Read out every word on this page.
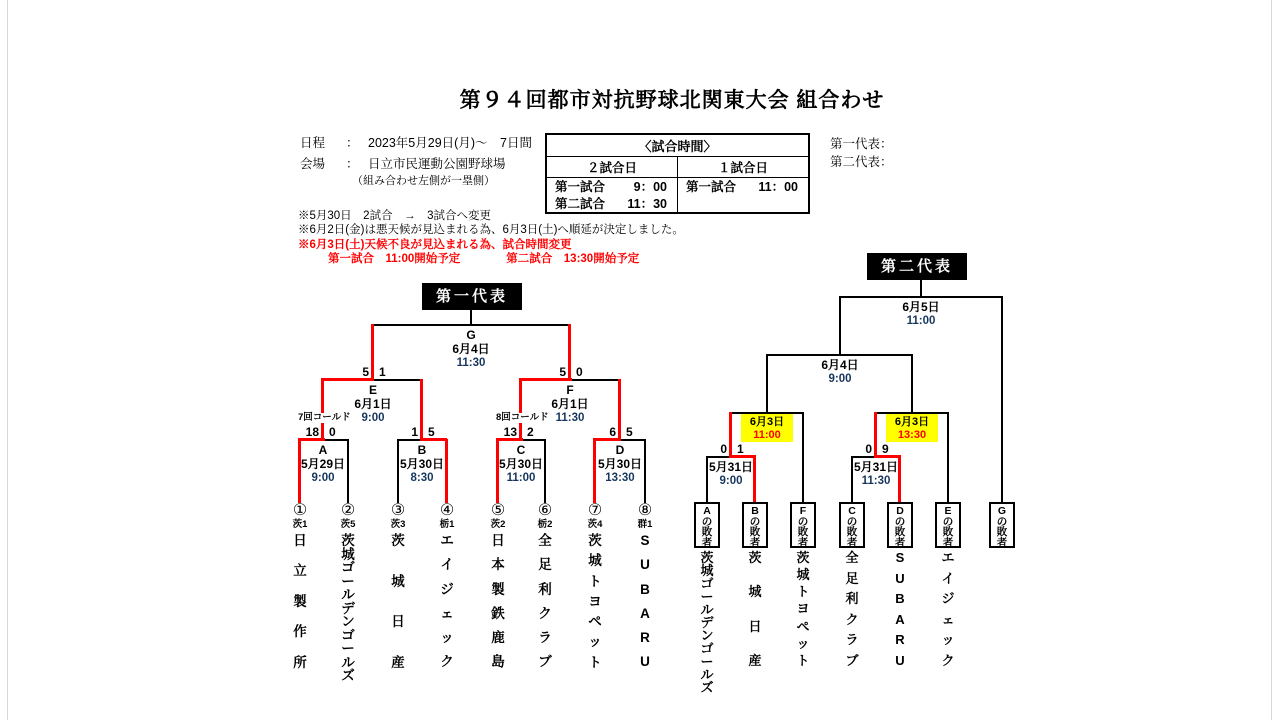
第９４回都市対抗野球北関東大会 組合わせ
日程 ： 2023年5月29日(月)～　7日間
会場 ： 日立市民運動公園野球場
（組み合わせ左側が一塁側）
〈試合時間〉	
２試合日	１試合日

第一試合 9：00
第二試合 11：30

第一試合 11：00
第一代表：
第二代表：
※5月30日　2試合　→　3試合へ変更
※6月2日(金)は悪天候が見込まれる為、6月3日(土)へ順延が決定しました。
※6月3日(土)天候不良が見込まれる為、試合時間変更
第一試合　11:00開始予定　　　　第二試合　13:30開始予定
第一代表
第二代表
G
6月4日
11:30
E
6月1日
9:00
F
6月1日
11:30
A
5月29日
9:00
B
5月30日
8:30
C
5月30日
11:00
D
5月30日
13:30
7回コールド	8回コールド
18 0	1 5	13 2	6 5
5 1	5 0
①
茨1
日
立
製
作
所
②
茨5
茨
城
ゴ
ー
ル
デ
ン
ゴ
ー
ル
ズ
③
茨3
茨
城
日
産
④
栃1
エ
イ
ジ
ェ
ッ
ク
⑤
茨2
日
本
製
鉄
鹿
島
⑥
栃2
全
足
利
ク
ラ
ブ
⑦
茨4
茨
城
ト
ヨ
ペ
ッ
ト
⑧
群1
S
U
B
A
R
U
6月5日
11:00
6月4日
9:00
6月3日
11:00
6月3日
13:30
5月31日
9:00
5月31日
11:30
0 1	0 9
A
の
敗
者
茨
城
ゴ
ー
ル
デ
ン
ゴ
ー
ル
ズ
B
の
敗
者
茨
城
日
産
F
の
敗
者
茨
城
ト
ヨ
ペ
ッ
ト
C
の
敗
者
全
足
利
ク
ラ
ブ
D
の
敗
者
S
U
B
A
R
U
E
の
敗
者
エ
イ
ジ
ェ
ッ
ク
G
の
敗
者
